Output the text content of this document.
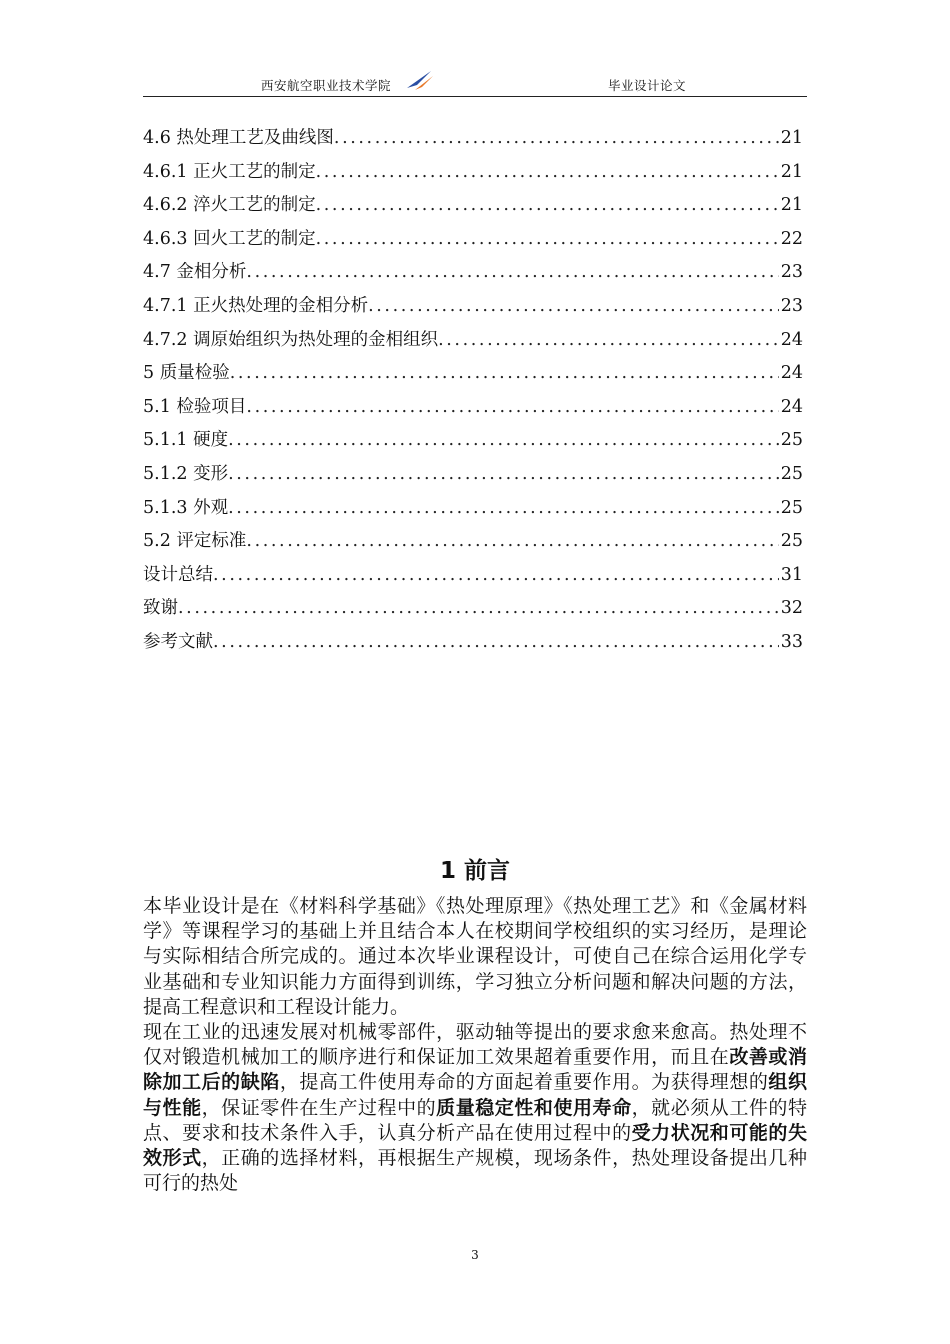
西安航空职业技术学院	毕业设计论文
4.6 热处理工艺及曲线图 .....	21
4.6.1 正火工艺的制定 .....	21
4.6.2 淬火工艺的制定 .....	21
4.6.3 回火工艺的制定 .....	22
4.7 金相分析 .....	23
4.7.1 正火热处理的金相分析 .....	23
4.7.2 调原始组织为热处理的金相组织 .....	24
5 质量检验 .....	24
5.1 检验项目 .....	24
5.1.1 硬度 .....	25
5.1.2 变形 .....	25
5.1.3 外观 .....	25
5.2 评定标准 .....	25
设计总结 .....	31
致谢 .....	32
参考文献 .....	33
1 前言

本毕业设计是在《材料科学基础》《热处理原理》《热处理工艺》和《金属材料学》等课程学习的基础上并且结合本人在校期间学校组织的实习经历，是理论与实际相结合所完成的。通过本次毕业课程设计，可使自己在综合运用化学专业基础和专业知识能力方面得到训练，学习独立分析问题和解决问题的方法，提高工程意识和工程设计能力。

现在工业的迅速发展对机械零部件，驱动轴等提出的要求愈来愈高。热处理不仅对锻造机械加工的顺序进行和保证加工效果超着重要作用，而且在改善或消除加工后的缺陷，提高工件使用寿命的方面起着重要作用。为获得理想的组织与性能，保证零件在生产过程中的质量稳定性和使用寿命，就必须从工件的特点、要求和技术条件入手，认真分析产品在使用过程中的受力状况和可能的失效形式，正确的选择材料，再根据生产规模，现场条件，热处理设备提出几种可行的热处

3
